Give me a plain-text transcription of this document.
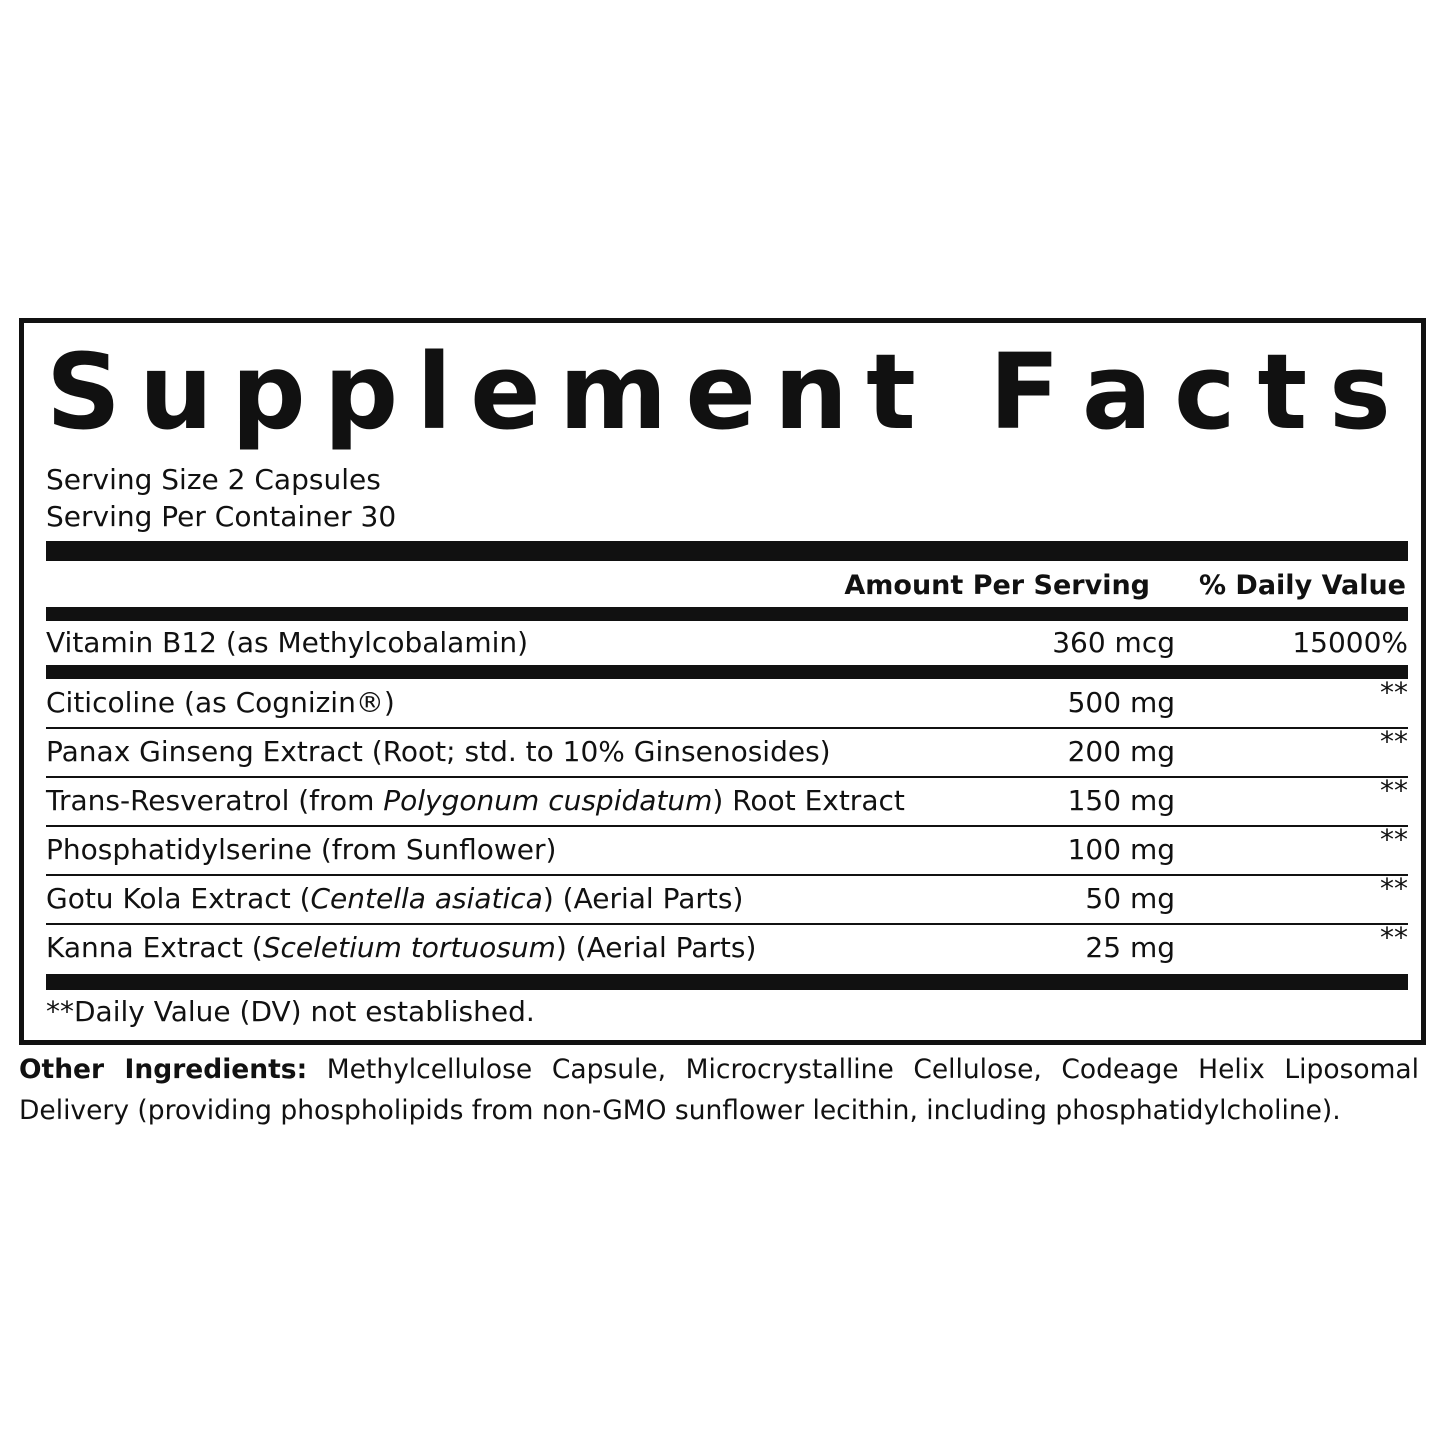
S u p p l e m e n t F a c t s
Serving Size 2 Capsules
Serving Per Container 30
Amount Per Serving % Daily Value
Vitamin B12 (as Methylcobalamin)	360 mcg	15000%
Citicoline (as Cognizin®)	500 mg	**
Panax Ginseng Extract (Root; std. to 10% Ginsenosides)	200 mg	**
Trans-Resveratrol (from Polygonum cuspidatum) Root Extract	150 mg	**
Phosphatidylserine (from Sunflower)	100 mg	**
Gotu Kola Extract (Centella asiatica) (Aerial Parts)	50 mg	**
Kanna Extract (Sceletium tortuosum) (Aerial Parts)	25 mg	**
**Daily Value (DV) not established.
Other Ingredients: Methylcellulose Capsule, Microcrystalline Cellulose, Codeage Helix Liposomal Delivery (providing phospholipids from non-GMO sunflower lecithin, including phosphatidylcholine).
